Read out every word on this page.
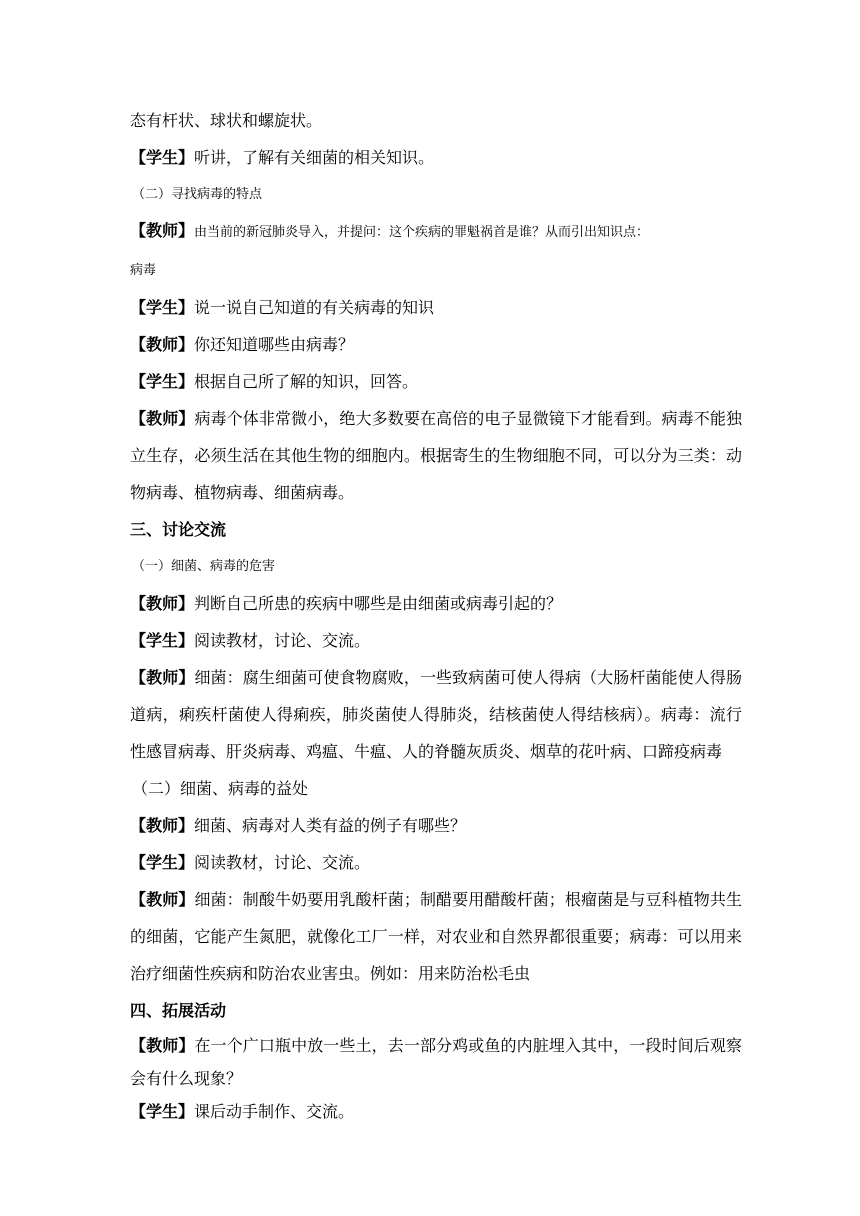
态有杆状、球状和螺旋状。
【学生】听讲，了解有关细菌的相关知识。
（二）寻找病毒的特点
【教师】由当前的新冠肺炎导入，并提问：这个疾病的罪魁祸首是谁？从而引出知识点：
病毒
【学生】说一说自己知道的有关病毒的知识
【教师】你还知道哪些由病毒？
【学生】根据自己所了解的知识，回答。
【教师】病毒个体非常微小，绝大多数要在高倍的电子显微镜下才能看到。病毒不能独立生存，必须生活在其他生物的细胞内。根据寄生的生物细胞不同，可以分为三类：动物病毒、植物病毒、细菌病毒。
三、讨论交流
（一）细菌、病毒的危害
【教师】判断自己所患的疾病中哪些是由细菌或病毒引起的？
【学生】阅读教材，讨论、交流。
【教师】细菌：腐生细菌可使食物腐败，一些致病菌可使人得病（大肠杆菌能使人得肠道病，痢疾杆菌使人得痢疾，肺炎菌使人得肺炎，结核菌使人得结核病）。病毒：流行性感冒病毒、肝炎病毒、鸡瘟、牛瘟、人的脊髓灰质炎、烟草的花叶病、口蹄疫病毒
（二）细菌、病毒的益处
【教师】细菌、病毒对人类有益的例子有哪些？
【学生】阅读教材，讨论、交流。
【教师】细菌：制酸牛奶要用乳酸杆菌；制醋要用醋酸杆菌；根瘤菌是与豆科植物共生的细菌，它能产生氮肥，就像化工厂一样，对农业和自然界都很重要；病毒：可以用来治疗细菌性疾病和防治农业害虫。例如：用来防治松毛虫
四、拓展活动
【教师】在一个广口瓶中放一些土，去一部分鸡或鱼的内脏埋入其中，一段时间后观察会有什么现象？
【学生】课后动手制作、交流。
